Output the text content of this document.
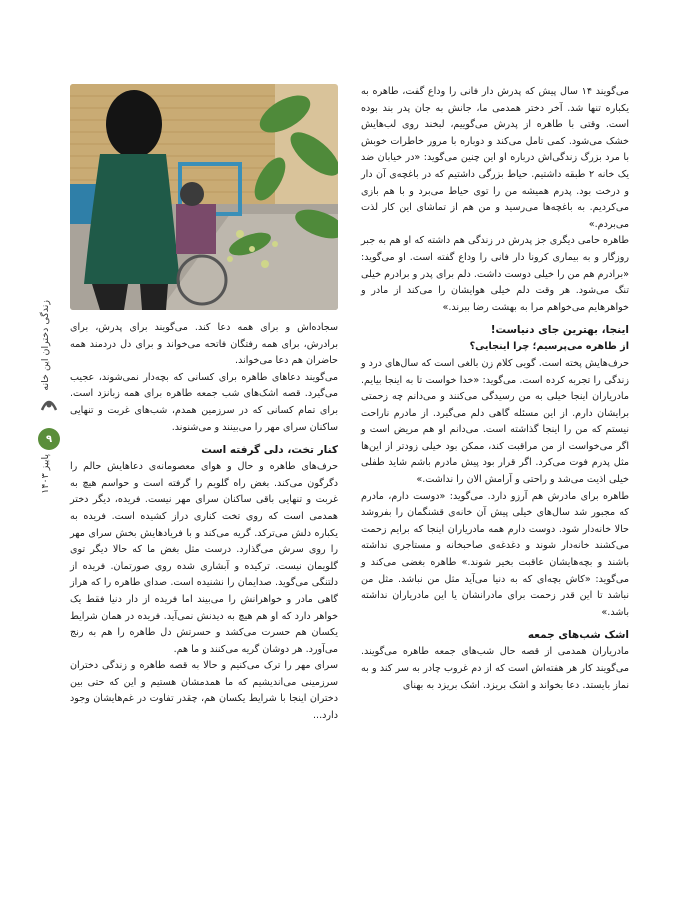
می‌گویند ۱۴ سال پیش که پدرش دار فانی را وداع گفت، طاهره به یکباره تنها شد. آخر دختر همدمی ما، جانش به جان پدر بند بوده است. وقتی با طاهره از پدرش می‌گوییم، لبخند روی لب‌هایش خشک می‌شود. کمی تامل می‌کند و دوباره با مرور خاطرات خوبش با مرد بزرگ زندگی‌اش درباره او این چنین می‌گوید: «در خیابان ضد یک خانه ۲ طبقه داشتیم. حیاط بزرگی داشتیم که در باغچه‌ی آن دار و درخت بود. پدرم همیشه من را توی حیاط می‌برد و با هم بازی می‌کردیم. به باغچه‌ها می‌رسید و من هم از تماشای این کار لذت می‌بردم.»

طاهره حامی دیگری جز پدرش در زندگی هم داشته که او هم به جبر روزگار و به بیماری کرونا دار فانی را وداع گفته است. او می‌گوید: «برادرم هم من را خیلی دوست داشت. دلم برای پدر و برادرم خیلی تنگ می‌شود. هر وقت دلم خیلی هوایشان را می‌کند از مادر و خواهرهایم می‌خواهم مرا به بهشت رضا ببرند.»

اینجا، بهترین جای دنیاست!

از طاهره می‌پرسیم؛ چرا اینجایی؟

حرف‌هایش پخته است. گویی کلام زن بالغی است که سال‌های درد و زندگی را تجربه کرده است. می‌گوید: «خدا خواست تا به اینجا بیایم. مادریاران اینجا خیلی به من رسیدگی می‌کنند و می‌دانم چه زحمتی برایشان دارم. از این مسئله گاهی دلم می‌گیرد. از مادرم ناراحت نیستم که من را اینجا گذاشته است. می‌دانم او هم مریض است و اگر می‌خواست از من مراقبت کند، ممکن بود خیلی زودتر از این‌ها مثل پدرم فوت می‌کرد. اگر قرار بود پیش مادرم باشم شاید طفلی خیلی اذیت می‌شد و راحتی و آرامش الان را نداشت.»

طاهره برای مادرش هم آرزو دارد. می‌گوید: «دوست دارم، مادرم که مجبور شد سال‌های خیلی پیش آن خانه‌ی قشنگمان را بفروشد حالا خانه‌دار شود. دوست دارم همه مادریاران اینجا که برایم زحمت می‌کشند خانه‌دار شوند و دغدغه‌ی صاحبخانه و مستاجری نداشته باشند و بچه‌هایشان عاقبت بخیر شوند.» طاهره بغضی می‌کند و می‌گوید: «کاش بچه‌ای که به دنیا می‌آید مثل من نباشد. مثل من نباشد تا این قدر زحمت برای مادرانشان یا این مادریاران نداشته باشد.»

اشک شب‌های جمعه

مادریاران همدمی از قصه حال شب‌های جمعه طاهره می‌گویند. می‌گویند کار هر هفته‌اش است که از دم غروب چادر به سر کند و به نماز بایستد. دعا بخواند و اشک بریزد. اشک بریزد به بهنای

سجاده‌اش و برای همه دعا کند. می‌گویند برای پدرش، برای برادرش، برای همه رفتگان فاتحه می‌خواند و برای دل دردمند همه حاضران هم دعا می‌خواند.

می‌گویند دعاهای طاهره برای کسانی که بچه‌دار نمی‌شوند، عجیب می‌گیرد. قصه اشک‌های شب جمعه طاهره برای همه زبانزد است. برای تمام کسانی که در سرزمین همدم، شب‌های غربت و تنهایی ساکنان سرای مهر را می‌بینند و می‌شنوند.

کنار تخت، دلی گرفته است

حرف‌های طاهره و حال و هوای معصومانه‌ی دعاهایش حالم را دگرگون می‌کند. بغض راه گلویم را گرفته است و حواسم هیچ به غربت و تنهایی باقی ساکنان سرای مهر نیست. فریده، دیگر دختر همدمی است که روی تخت کناری دراز کشیده است. فریده به یکباره دلش می‌ترکد. گریه می‌کند و با فریادهایش بخش سرای مهر را روی سرش می‌گذارد. درست مثل بغض ما که حالا دیگر توی گلویمان نیست. ترکیده و آبشاری شده روی صورتمان. فریده از دلتنگی می‌گوید. صدایمان را نشنیده است. صدای طاهره را که هراز گاهی مادر و خواهرانش را می‌بیند اما فریده از دار دنیا فقط یک خواهر دارد که او هم هیچ به دیدنش نمی‌آید. فریده در همان شرایط یکسان هم حسرت می‌کشد و حسرتش دل طاهره را هم به رنج می‌آورد. هر دوشان گریه می‌کنند و ما هم.

سرای مهر را ترک می‌کنیم و حالا به قصه طاهره و زندگی دختران سرزمینی می‌اندیشیم که ما همدمشان هستیم و این که حتی بین دختران اینجا با شرایط یکسان هم، چقدر تفاوت در غم‌هایشان وجود دارد...

زندگی دختران این خانه
۹
پاییز ۱۴۰۳
